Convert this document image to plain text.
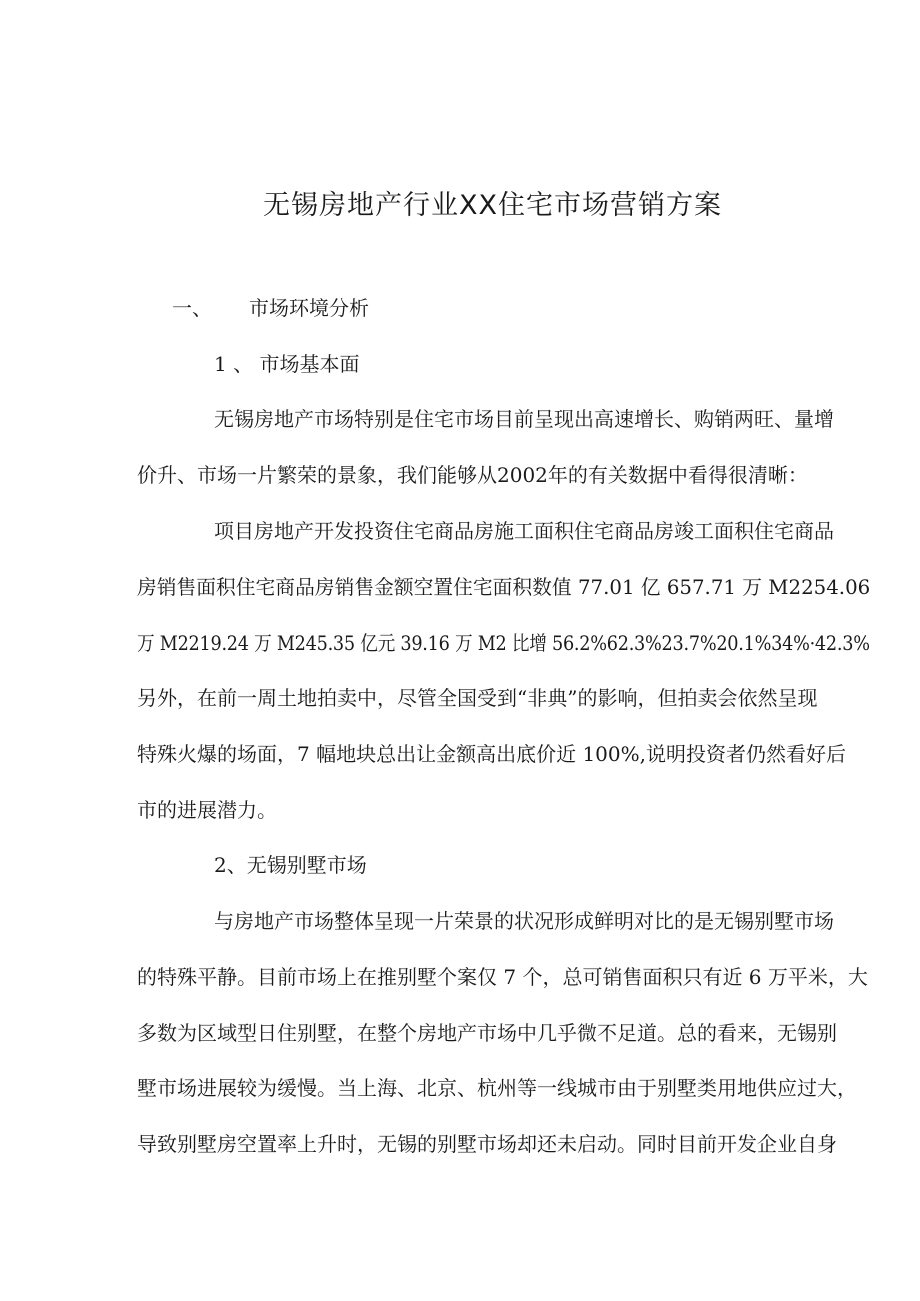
无锡房地产行业XX住宅市场营销方案
一、 市场环境分析

1 、 市场基本面

无锡房地产市场特别是住宅市场目前呈现出高速增长、购销两旺、量增

价升、市场一片繁荣的景象，我们能够从2002年的有关数据中看得很清晰：

项目房地产开发投资住宅商品房施工面积住宅商品房竣工面积住宅商品

房销售面积住宅商品房销售金额空置住宅面积数值 77.01 亿 657.71 万 M2254.06

万 M2219.24 万 M245.35 亿元 39.16 万 M2 比增 56.2%62.3%23.7%20.1%34%·42.3%

另外，在前一周土地拍卖中，尽管全国受到“非典”的影响，但拍卖会依然呈现

特殊火爆的场面，7 幅地块总出让金额高出底价近 100%,说明投资者仍然看好后

市的进展潜力。

2、无锡别墅市场

与房地产市场整体呈现一片荣景的状况形成鲜明对比的是无锡别墅市场

的特殊平静。目前市场上在推别墅个案仅 7 个，总可销售面积只有近 6 万平米，大

多数为区域型日住别墅，在整个房地产市场中几乎微不足道。总的看来，无锡别

墅市场进展较为缓慢。当上海、北京、杭州等一线城市由于别墅类用地供应过大，

导致别墅房空置率上升时，无锡的别墅市场却还未启动。同时目前开发企业自身
